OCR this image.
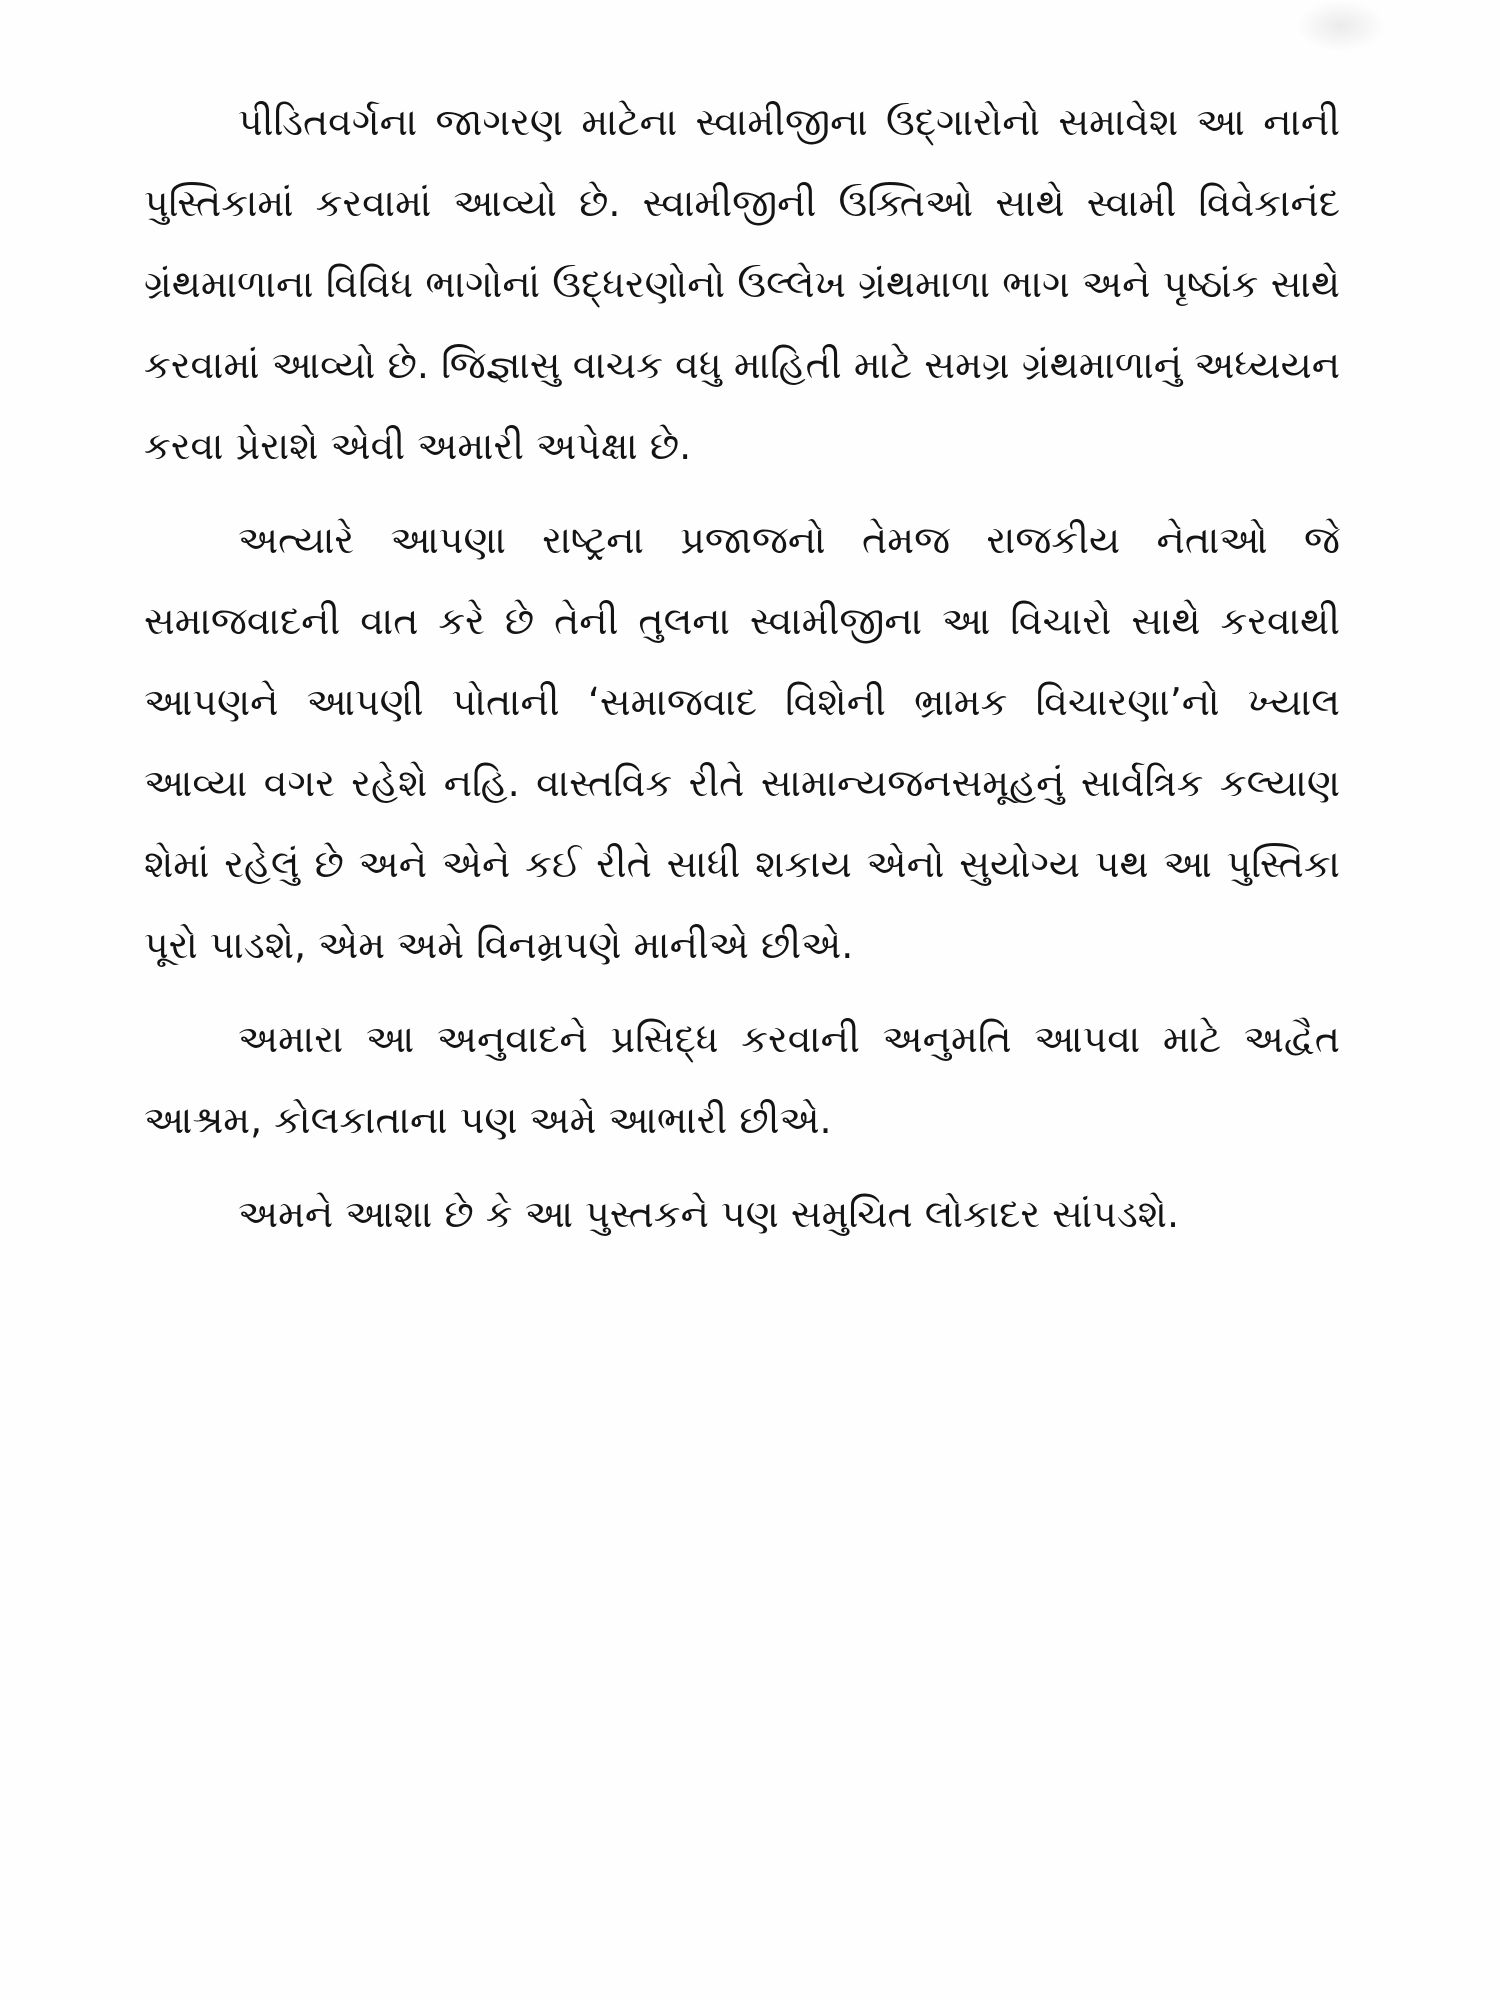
પીડિતવર્ગના જાગરણ માટેના સ્વામીજીના ઉદ્ગારોનો સમાવેશ આ નાની પુસ્તિકામાં કરવામાં આવ્યો છે. સ્વામીજીની ઉક્તિઓ સાથે સ્વામી વિવેકાનંદ ગ્રંથમાળાના વિવિધ ભાગોનાં ઉદ્ધરણોનો ઉલ્લેખ ગ્રંથમાળા ભાગ અને પૃષ્ઠાંક સાથે કરવામાં આવ્યો છે. જિજ્ઞાસુ વાચક વધુ માહિતી માટે સમગ્ર ગ્રંથમાળાનું અધ્યયન કરવા પ્રેરાશે એવી અમારી અપેક્ષા છે.

અત્યારે આપણા રાષ્ટ્રના પ્રજાજનો તેમજ રાજકીય નેતાઓ જે સમાજવાદની વાત કરે છે તેની તુલના સ્વામીજીના આ વિચારો સાથે કરવાથી આપણને આપણી પોતાની ‘સમાજવાદ વિશેની ભ્રામક વિચારણા’નો ખ્યાલ આવ્યા વગર રહેશે નહિ. વાસ્તવિક રીતે સામાન્યજનસમૂહનું સાર્વત્રિક કલ્યાણ શેમાં રહેલું છે અને એને કઈ રીતે સાધી શકાય એનો સુયોગ્ય પથ આ પુસ્તિકા પૂરો પાડશે, એમ અમે વિનમ્રપણે માનીએ છીએ.

અમારા આ અનુવાદને પ્રસિદ્ધ કરવાની અનુમતિ આપવા માટે અદ્વૈત આશ્રમ, કોલકાતાના પણ અમે આભારી છીએ.

અમને આશા છે કે આ પુસ્તકને પણ સમુચિત લોકાદર સાંપડશે.
